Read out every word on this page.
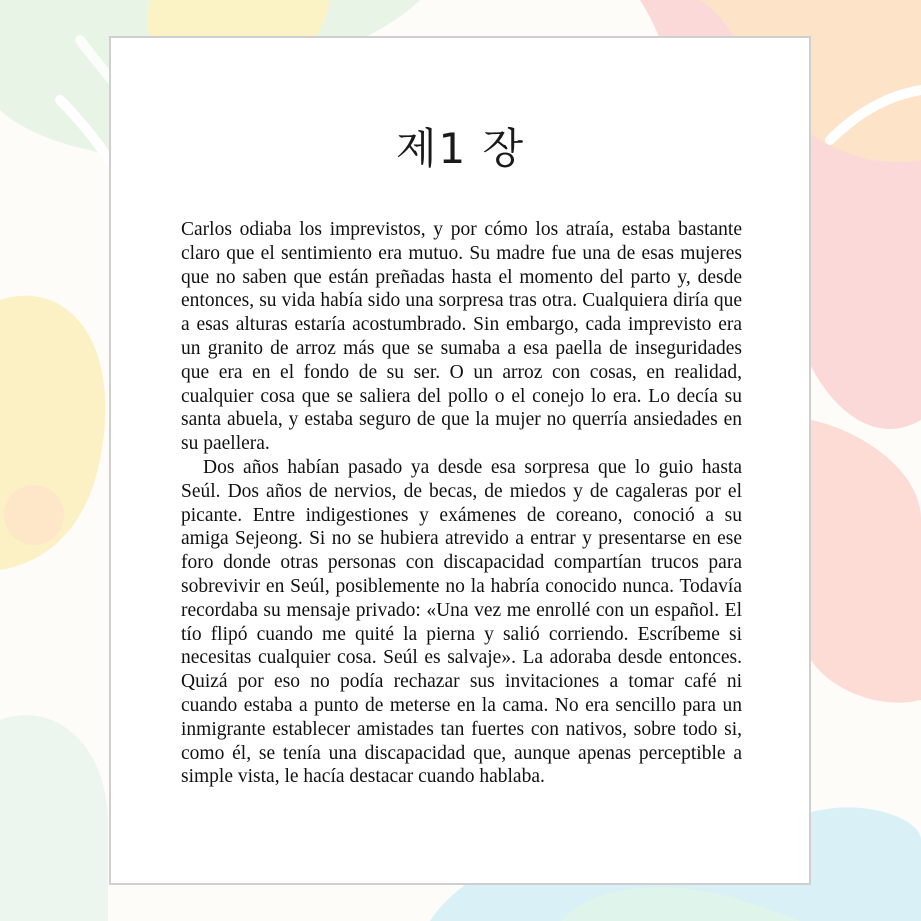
제1 장

Carlos odiaba los imprevistos, y por cómo los atraía, estaba bastante claro que el sentimiento era mutuo. Su madre fue una de esas mujeres que no saben que están preñadas hasta el momento del parto y, desde entonces, su vida había sido una sorpresa tras otra. Cualquiera diría que a esas alturas estaría acostumbrado. Sin embargo, cada imprevisto era un granito de arroz más que se sumaba a esa paella de inseguridades que era en el fondo de su ser. O un arroz con cosas, en realidad, cualquier cosa que se saliera del pollo o el conejo lo era. Lo decía su santa abuela, y estaba seguro de que la mujer no querría ansiedades en su paellera.

Dos años habían pasado ya desde esa sorpresa que lo guio hasta Seúl. Dos años de nervios, de becas, de miedos y de cagaleras por el picante. Entre indigestiones y exámenes de coreano, conoció a su amiga Sejeong. Si no se hubiera atrevido a entrar y presentarse en ese foro donde otras personas con discapacidad compartían trucos para sobrevivir en Seúl, posiblemente no la habría conocido nunca. Todavía recordaba su mensaje privado: «Una vez me enrollé con un español. El tío flipó cuando me quité la pierna y salió corriendo. Escríbeme si necesitas cualquier cosa. Seúl es salvaje». La adoraba desde entonces. Quizá por eso no podía rechazar sus invitaciones a tomar café ni cuando estaba a punto de meterse en la cama. No era sencillo para un inmigrante establecer amistades tan fuertes con nativos, sobre todo si, como él, se tenía una discapacidad que, aunque apenas perceptible a simple vista, le hacía destacar cuando hablaba.
